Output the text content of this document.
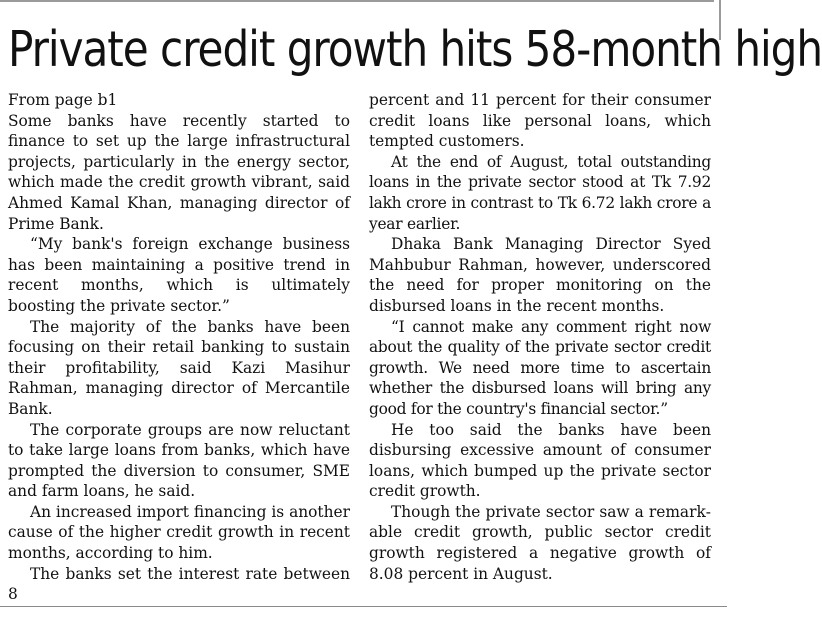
Private credit growth hits 58-month high
From page b1

Some banks have recently started to finance to set up the large infrastructural projects, particularly in the energy sector, which made the credit growth vibrant, said Ahmed Kamal Khan, managing director of Prime Bank.

“My bank's foreign exchange business has been maintaining a positive trend in recent months, which is ultimately boosting the private sector.”

The majority of the banks have been focusing on their retail banking to sustain their profitability, said Kazi Masihur Rahman, managing director of Mercantile Bank.

The corporate groups are now reluctant to take large loans from banks, which have prompted the diversion to consumer, SME and farm loans, he said.

An increased import financing is another cause of the higher credit growth in recent months, according to him.

The banks set the interest rate between 8

percent and 11 percent for their consumer credit loans like personal loans, which tempted customers.

At the end of August, total outstanding loans in the private sector stood at Tk 7.92 lakh crore in contrast to Tk 6.72 lakh crore a year earlier.

Dhaka Bank Managing Director Syed Mahbubur Rahman, however, underscored the need for proper monitoring on the disbursed loans in the recent months.

“I cannot make any comment right now about the quality of the private sector credit growth. We need more time to ascertain whether the disbursed loans will bring any good for the country's financial sector.”

He too said the banks have been disbursing excessive amount of consumer loans, which bumped up the private sector credit growth.

Though the private sector saw a remarkable credit growth, public sector credit growth registered a negative growth of 8.08 percent in August.
